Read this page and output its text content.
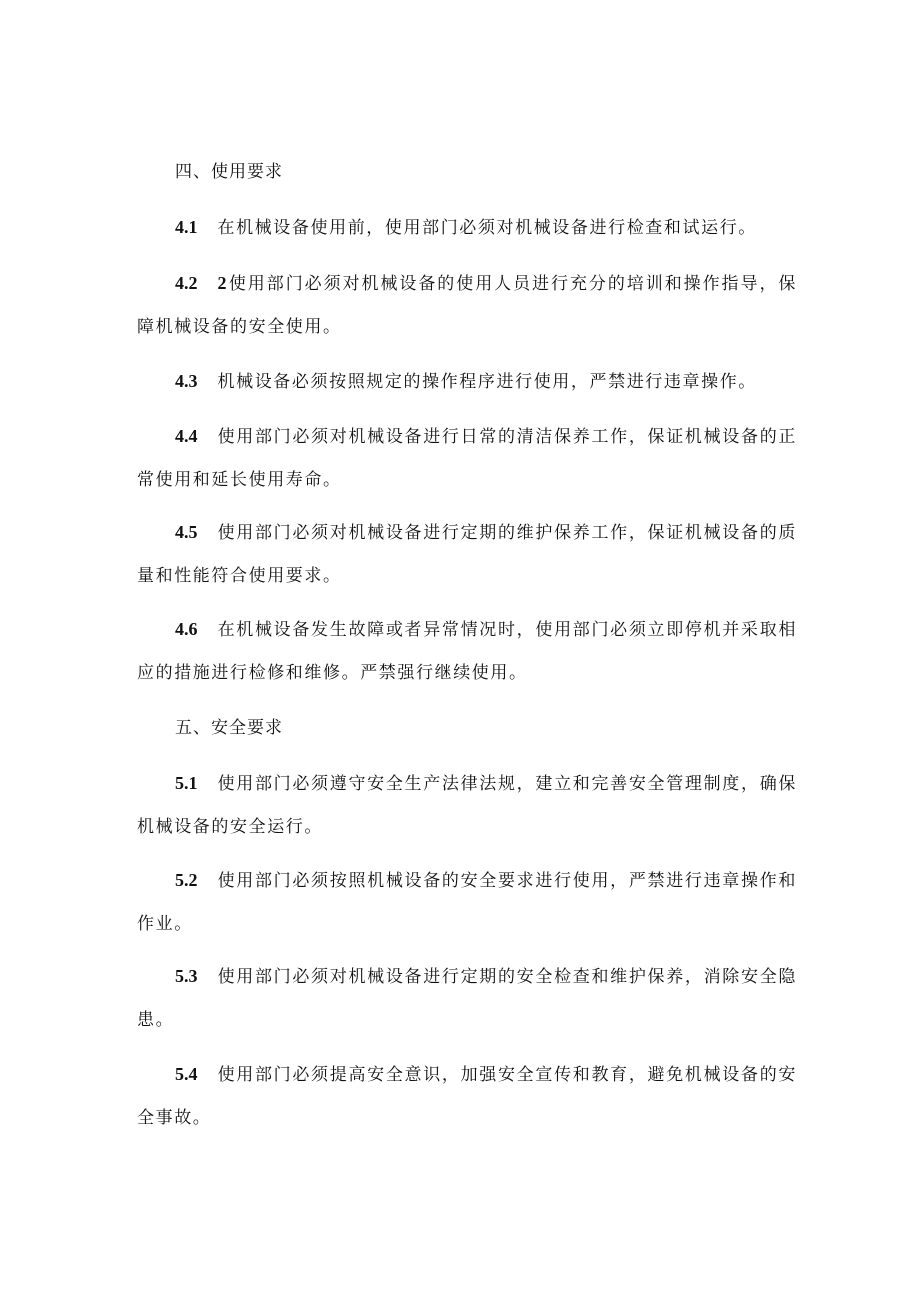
四、使用要求
4.1 在机械设备使用前，使用部门必须对机械设备进行检查和试运行。
4.2 2 使用部门必须对机械设备的使用人员进行充分的培训和操作指导，保障机械设备的安全使用。
4.3 机械设备必须按照规定的操作程序进行使用，严禁进行违章操作。
4.4 使用部门必须对机械设备进行日常的清洁保养工作，保证机械设备的正常使用和延长使用寿命。
4.5 使用部门必须对机械设备进行定期的维护保养工作，保证机械设备的质量和性能符合使用要求。
4.6 在机械设备发生故障或者异常情况时，使用部门必须立即停机并采取相应的措施进行检修和维修。严禁强行继续使用。
五、安全要求
5.1 使用部门必须遵守安全生产法律法规，建立和完善安全管理制度，确保机械设备的安全运行。
5.2 使用部门必须按照机械设备的安全要求进行使用，严禁进行违章操作和作业。
5.3 使用部门必须对机械设备进行定期的安全检查和维护保养，消除安全隐患。
5.4 使用部门必须提高安全意识，加强安全宣传和教育，避免机械设备的安全事故。
